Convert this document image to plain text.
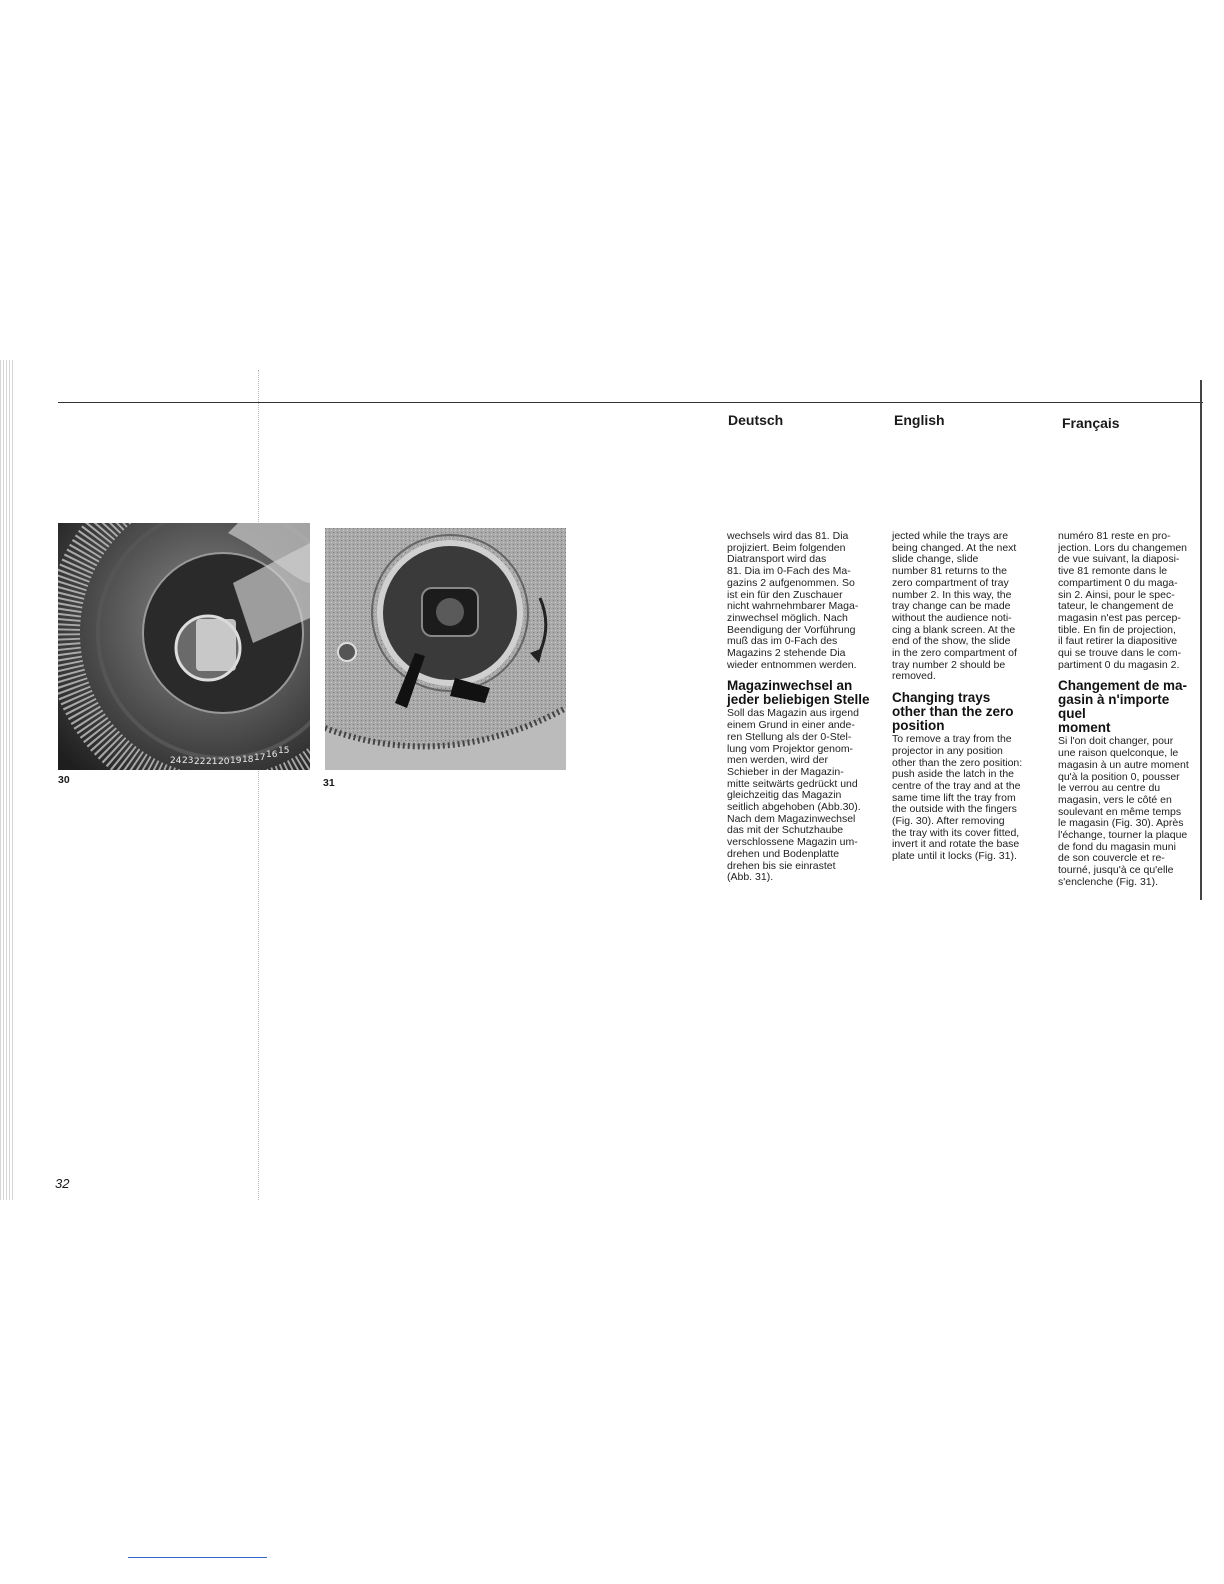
Deutsch	English	Français
24 23 22 21 20 19 18 17 16 15
30	31

wechsels wird das 81. Dia
projiziert. Beim folgenden
Diatransport wird das
81. Dia im 0-Fach des Ma-
gazins 2 aufgenommen. So
ist ein für den Zuschauer
nicht wahrnehmbarer Maga-
zinwechsel möglich. Nach
Beendigung der Vorführung
muß das im 0-Fach des
Magazins 2 stehende Dia
wieder entnommen werden.

Magazinwechsel an
jeder beliebigen Stelle

Soll das Magazin aus irgend
einem Grund in einer ande-
ren Stellung als der 0-Stel-
lung vom Projektor genom-
men werden, wird der
Schieber in der Magazin-
mitte seitwärts gedrückt und
gleichzeitig das Magazin
seitlich abgehoben (Abb.30).
Nach dem Magazinwechsel
das mit der Schutzhaube
verschlossene Magazin um-
drehen und Bodenplatte
drehen bis sie einrastet
(Abb. 31).

jected while the trays are
being changed. At the next
slide change, slide
number 81 returns to the
zero compartment of tray
number 2. In this way, the
tray change can be made
without the audience noti-
cing a blank screen. At the
end of the show, the slide
in the zero compartment of
tray number 2 should be
removed.

Changing trays
other than the zero
position

To remove a tray from the
projector in any position
other than the zero position:
push aside the latch in the
centre of the tray and at the
same time lift the tray from
the outside with the fingers
(Fig. 30). After removing
the tray with its cover fitted,
invert it and rotate the base
plate until it locks (Fig. 31).

numéro 81 reste en pro-
jection. Lors du changemen
de vue suivant, la diaposi-
tive 81 remonte dans le
compartiment 0 du maga-
sin 2. Ainsi, pour le spec-
tateur, le changement de
magasin n'est pas percep-
tible. En fin de projection,
il faut retirer la diapositive
qui se trouve dans le com-
partiment 0 du magasin 2.

Changement de ma-
gasin à n'importe quel
moment

Si l'on doit changer, pour
une raison quelconque, le
magasin à un autre moment
qu'à la position 0, pousser
le verrou au centre du
magasin, vers le côté en
soulevant en même temps
le magasin (Fig. 30). Après
l'échange, tourner la plaque
de fond du magasin muni
de son couvercle et re-
tourné, jusqu'à ce qu'elle
s'enclenche (Fig. 31).

32
